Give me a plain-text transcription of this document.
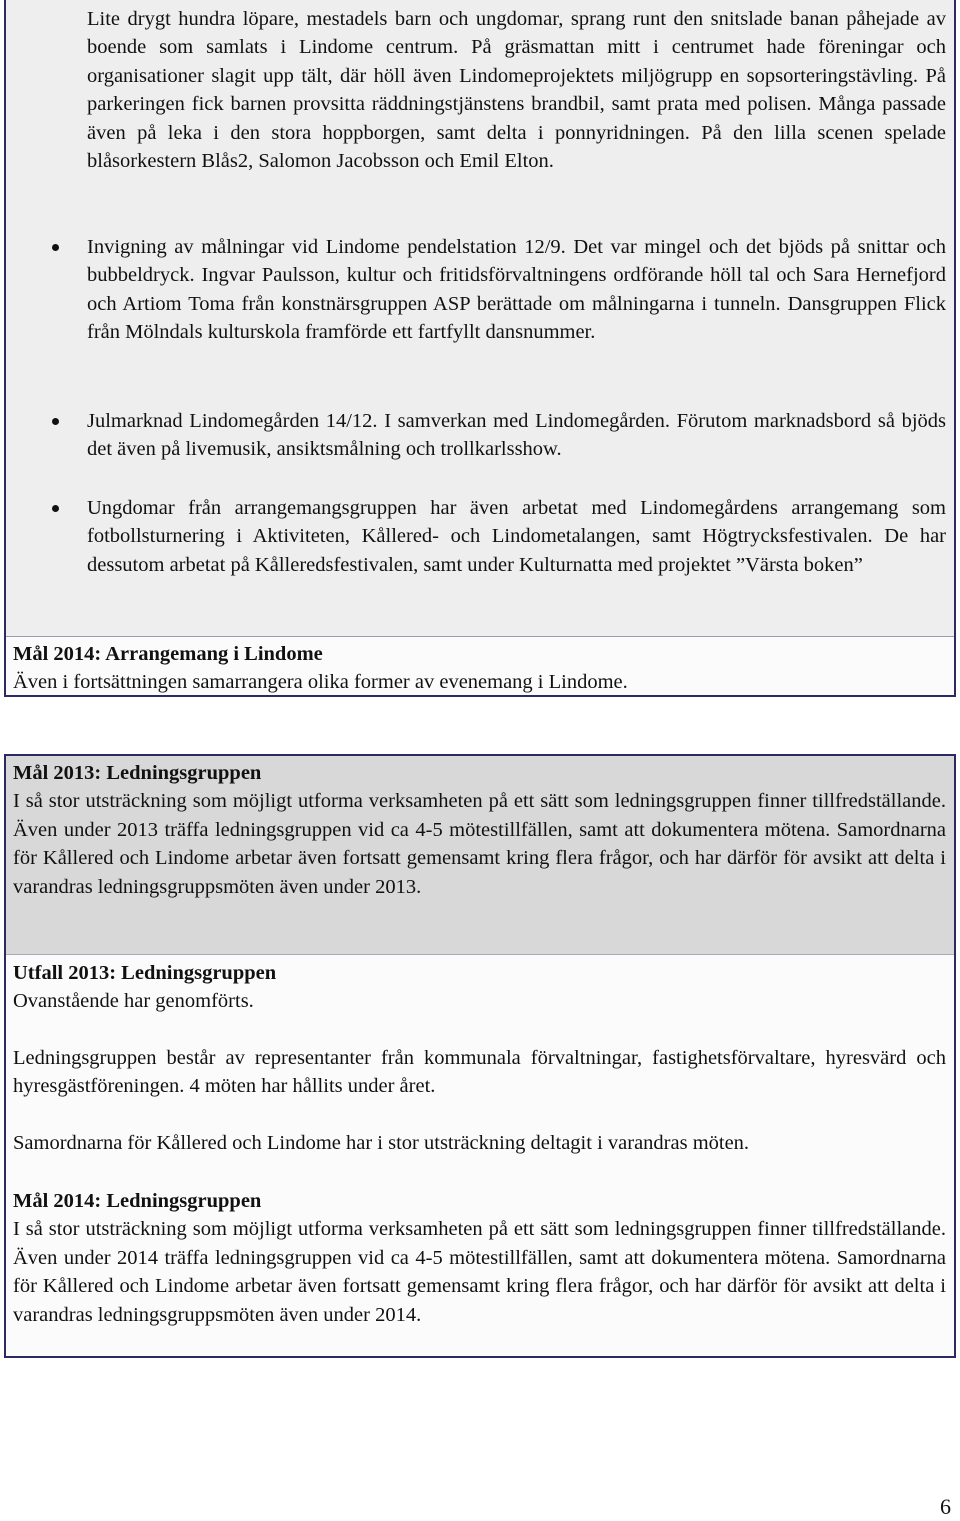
Lite drygt hundra löpare, mestadels barn och ungdomar, sprang runt den snitslade banan påhejade av boende som samlats i Lindome centrum. På gräsmattan mitt i centrumet hade föreningar och organisationer slagit upp tält, där höll även Lindomeprojektets miljögrupp en sopsorteringstävling. På parkeringen fick barnen provsitta räddningstjänstens brandbil, samt prata med polisen. Många passade även på leka i den stora hoppborgen, samt delta i ponnyridningen. På den lilla scenen spelade blåsorkestern Blås2, Salomon Jacobsson och Emil Elton.
Invigning av målningar vid Lindome pendelstation 12/9. Det var mingel och det bjöds på snittar och bubbeldryck. Ingvar Paulsson, kultur och fritidsförvaltningens ordförande höll tal och Sara Hernefjord och Artiom Toma från konstnärsgruppen ASP berättade om målningarna i tunneln. Dansgruppen Flick från Mölndals kulturskola framförde ett fartfyllt dansnummer.
Julmarknad Lindomegården 14/12. I samverkan med Lindomegården. Förutom marknadsbord så bjöds det även på livemusik, ansiktsmålning och trollkarlsshow.
Ungdomar från arrangemangsgruppen har även arbetat med Lindomegårdens arrangemang som fotbollsturnering i Aktiviteten, Kållered- och Lindometalangen, samt Högtrycksfestivalen. De har dessutom arbetat på Kålleredsfestivalen, samt under Kulturnatta med projektet ”Värsta boken”
Mål 2014: Arrangemang i Lindome
Även i fortsättningen samarrangera olika former av evenemang i Lindome.
Mål 2013: Ledningsgruppen
I så stor utsträckning som möjligt utforma verksamheten på ett sätt som ledningsgruppen finner tillfredställande. Även under 2013 träffa ledningsgruppen vid ca 4-5 mötestillfällen, samt att dokumentera mötena. Samordnarna för Kållered och Lindome arbetar även fortsatt gemensamt kring flera frågor, och har därför för avsikt att delta i varandras ledningsgruppsmöten även under 2013.
Utfall 2013: Ledningsgruppen
Ovanstående har genomförts.
Ledningsgruppen består av representanter från kommunala förvaltningar, fastighetsförvaltare, hyresvärd och hyresgästföreningen. 4 möten har hållits under året.
Samordnarna för Kållered och Lindome har i stor utsträckning deltagit i varandras möten.
Mål 2014: Ledningsgruppen
I så stor utsträckning som möjligt utforma verksamheten på ett sätt som ledningsgruppen finner tillfredställande. Även under 2014 träffa ledningsgruppen vid ca 4-5 mötestillfällen, samt att dokumentera mötena. Samordnarna för Kållered och Lindome arbetar även fortsatt gemensamt kring flera frågor, och har därför för avsikt att delta i varandras ledningsgruppsmöten även under 2014.
6
